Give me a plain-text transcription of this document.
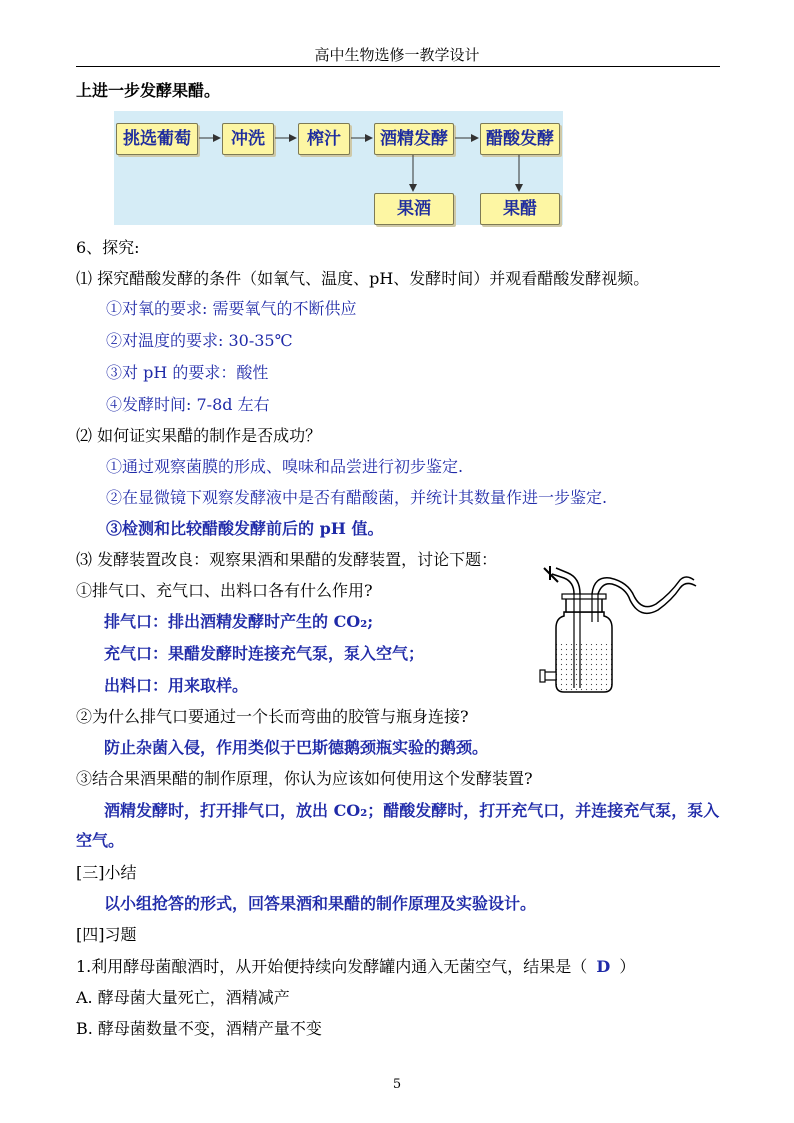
高中生物选修一教学设计
上进一步发酵果醋。
挑选葡萄	冲洗	榨汁	酒精发酵	醋酸发酵
果酒	果醋
6、探究:
⑴ 探究醋酸发酵的条件（如氧气、温度、pH、发酵时间）并观看醋酸发酵视频。
①对氧的要求: 需要氧气的不断供应
②对温度的要求: 30-35℃
③对 pH 的要求：酸性
④发酵时间: 7-8d 左右
⑵ 如何证实果醋的制作是否成功？
①通过观察菌膜的形成、嗅味和品尝进行初步鉴定.
②在显微镜下观察发酵液中是否有醋酸菌，并统计其数量作进一步鉴定.
③检测和比较醋酸发酵前后的 pH 值。
⑶ 发酵装置改良：观察果酒和果醋的发酵装置，讨论下题：
①排气口、充气口、出料口各有什么作用?
排气口：排出酒精发酵时产生的 CO₂;
充气口：果醋发酵时连接充气泵，泵入空气；
出料口：用来取样。
②为什么排气口要通过一个长而弯曲的胶管与瓶身连接?
防止杂菌入侵，作用类似于巴斯德鹅颈瓶实验的鹅颈。
③结合果酒果醋的制作原理，你认为应该如何使用这个发酵装置?
酒精发酵时，打开排气口，放出 CO₂；醋酸发酵时，打开充气口，并连接充气泵，泵入
空气。
[三]小结
以小组抢答的形式，回答果酒和果醋的制作原理及实验设计。
[四]习题
1.利用酵母菌酿酒时，从开始便持续向发酵罐内通入无菌空气，结果是（ D ）
A. 酵母菌大量死亡，酒精减产
B. 酵母菌数量不变，酒精产量不变
5
